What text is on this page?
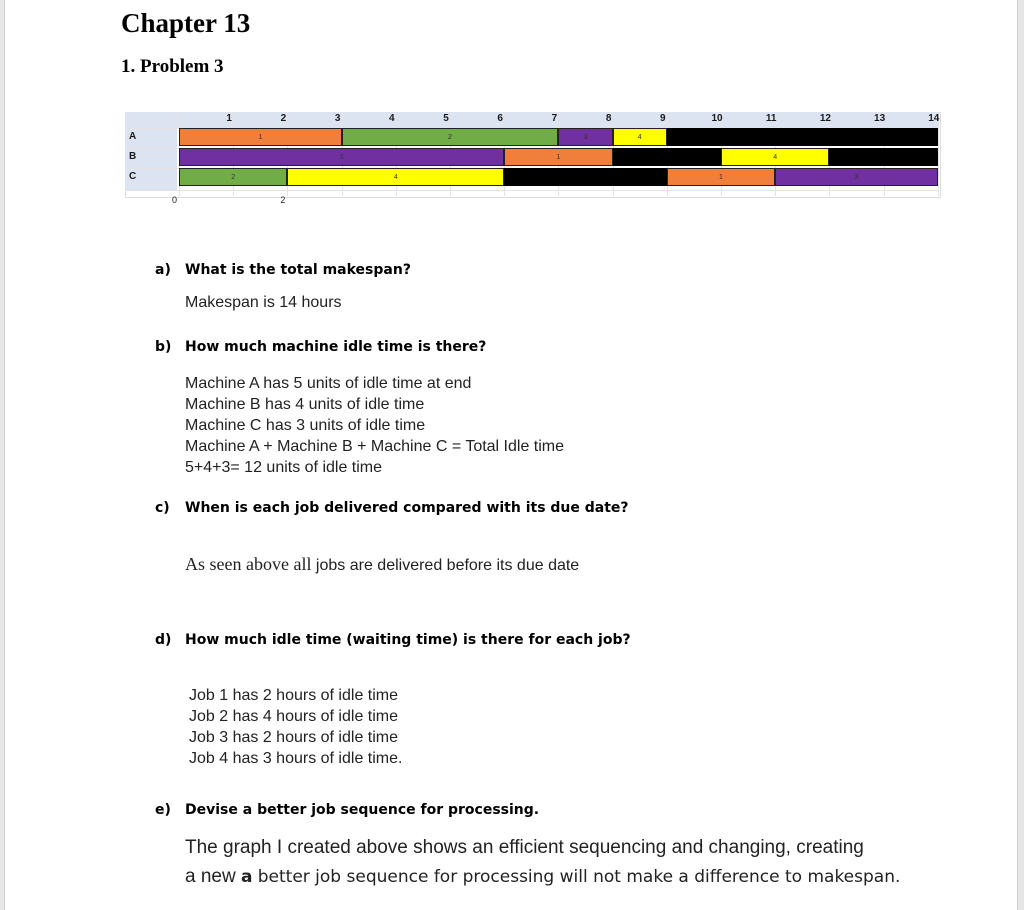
Chapter 13
1. Problem 3
1	2	3	4	5	6	7	8	9	10	11	12	13	14
A
B
C
1	2	3	4
3	1	4
2	4	1	3
0	2
a) What is the total makespan?
Makespan is 14 hours
b) How much machine idle time is there?
Machine A has 5 units of idle time at end
Machine B has 4 units of idle time
Machine C has 3 units of idle time
Machine A + Machine B + Machine C = Total Idle time
5+4+3= 12 units of idle time
c) When is each job delivered compared with its due date?
As seen above all jobs are delivered before its due date
d) How much idle time (waiting time) is there for each job?
Job 1 has 2 hours of idle time
Job 2 has 4 hours of idle time
Job 3 has 2 hours of idle time
Job 4 has 3 hours of idle time.
e) Devise a better job sequence for processing.
The graph I created above shows an efficient sequencing and changing, creating
a new a better job sequence for processing will not make a difference to makespan.
